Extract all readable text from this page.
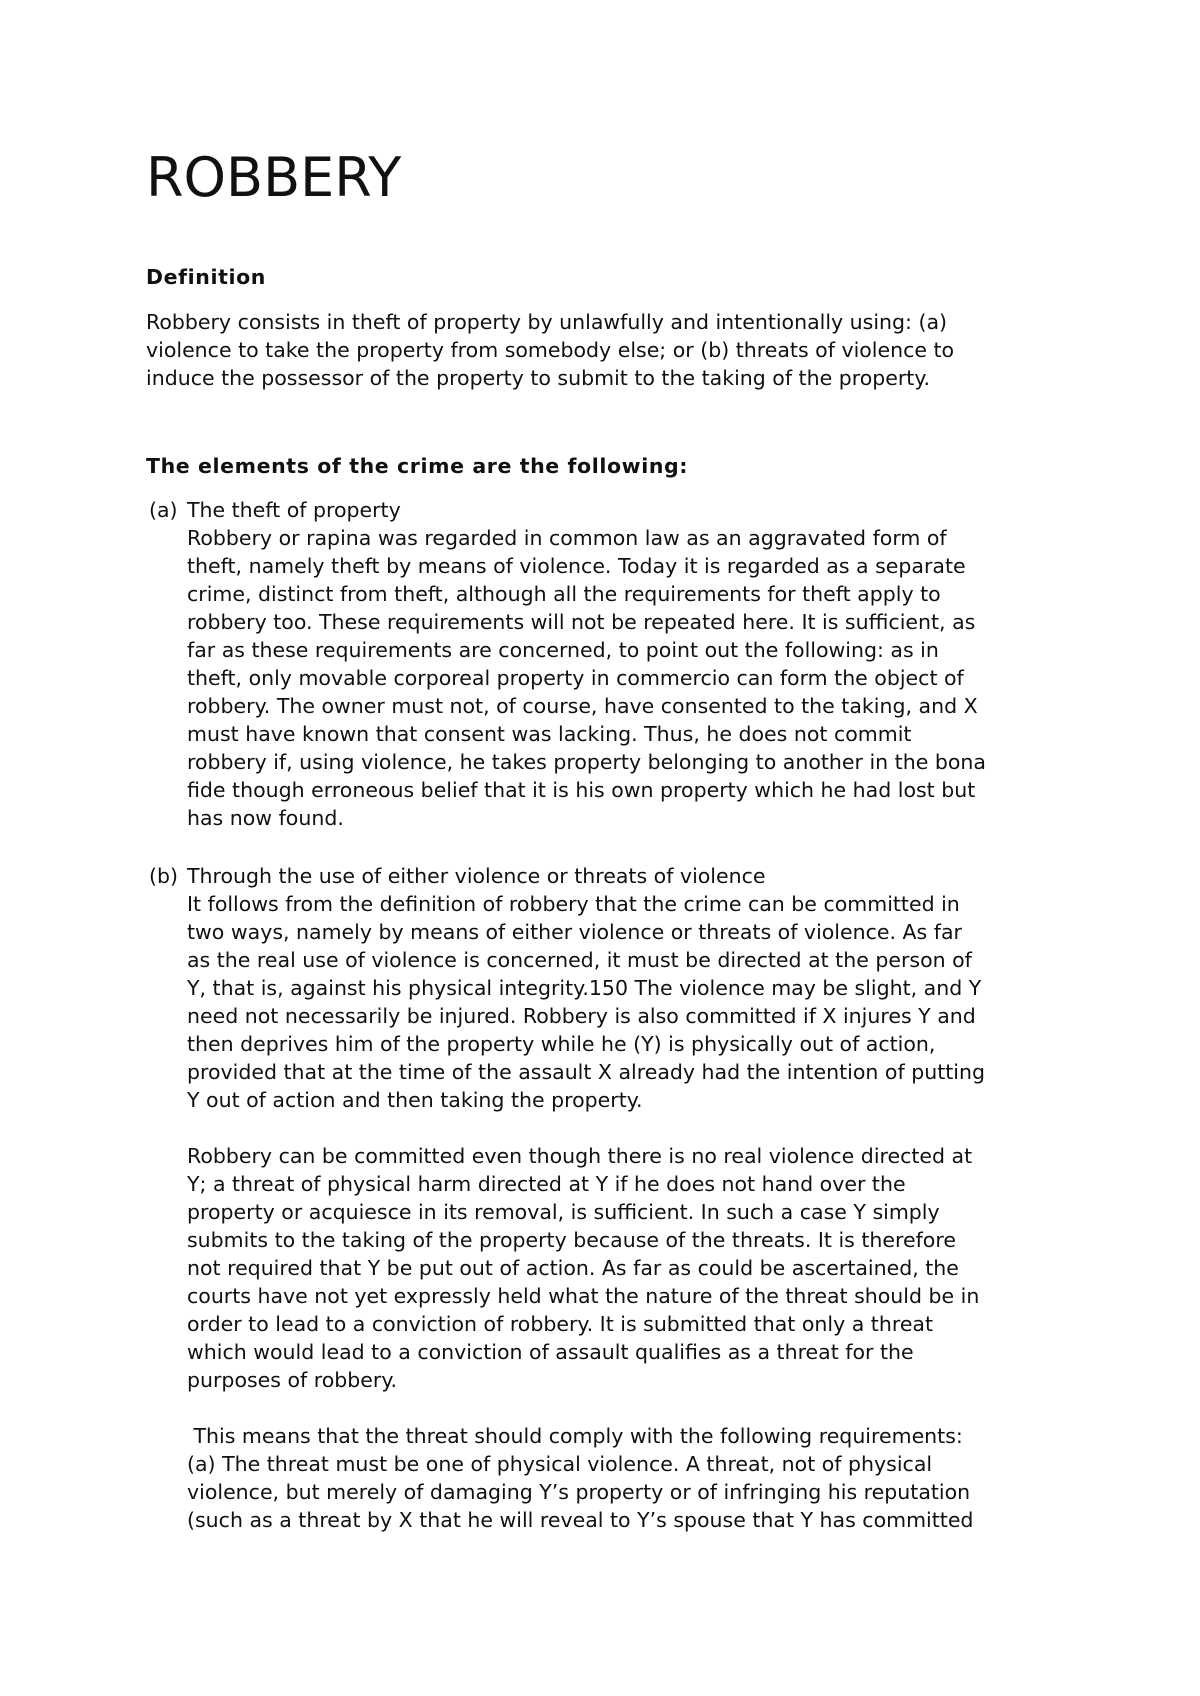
ROBBERY
Definition

Robbery consists in theft of property by unlawfully and intentionally using: (a)
violence to take the property from somebody else; or (b) threats of violence to
induce the possessor of the property to submit to the taking of the property.

The elements of the crime are the following:
(a) The theft of property

Robbery or rapina was regarded in common law as an aggravated form of
theft, namely theft by means of violence. Today it is regarded as a separate
crime, distinct from theft, although all the requirements for theft apply to
robbery too. These requirements will not be repeated here. It is sufficient, as
far as these requirements are concerned, to point out the following: as in
theft, only movable corporeal property in commercio can form the object of
robbery. The owner must not, of course, have consented to the taking, and X
must have known that consent was lacking. Thus, he does not commit
robbery if, using violence, he takes property belonging to another in the bona
fide though erroneous belief that it is his own property which he had lost but
has now found.

(b) Through the use of either violence or threats of violence

It follows from the definition of robbery that the crime can be committed in
two ways, namely by means of either violence or threats of violence. As far
as the real use of violence is concerned, it must be directed at the person of
Y, that is, against his physical integrity.150 The violence may be slight, and Y
need not necessarily be injured. Robbery is also committed if X injures Y and
then deprives him of the property while he (Y) is physically out of action,
provided that at the time of the assault X already had the intention of putting
Y out of action and then taking the property.

Robbery can be committed even though there is no real violence directed at
Y; a threat of physical harm directed at Y if he does not hand over the
property or acquiesce in its removal, is sufficient. In such a case Y simply
submits to the taking of the property because of the threats. It is therefore
not required that Y be put out of action. As far as could be ascertained, the
courts have not yet expressly held what the nature of the threat should be in
order to lead to a conviction of robbery. It is submitted that only a threat
which would lead to a conviction of assault qualifies as a threat for the
purposes of robbery.

This means that the threat should comply with the following requirements:
(a) The threat must be one of physical violence. A threat, not of physical
violence, but merely of damaging Y’s property or of infringing his reputation
(such as a threat by X that he will reveal to Y’s spouse that Y has committed
